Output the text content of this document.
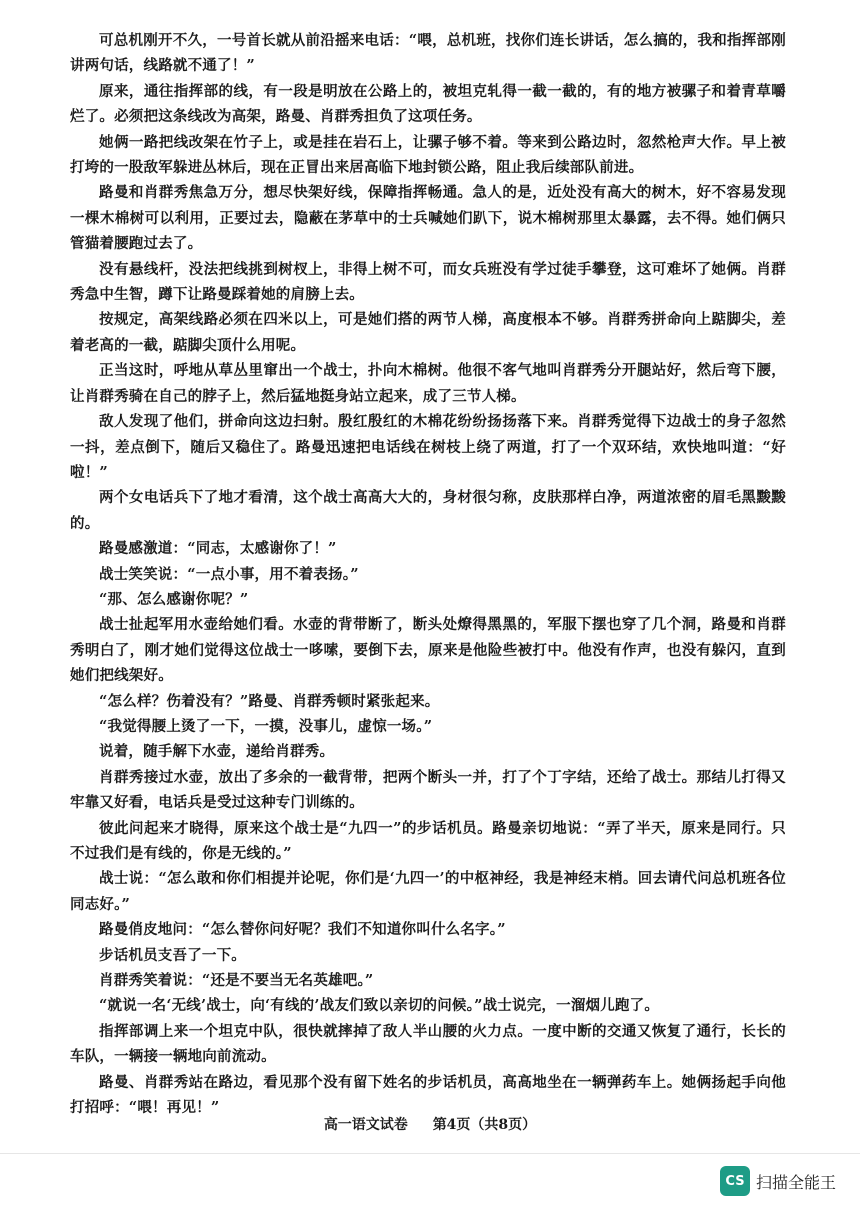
可总机刚开不久，一号首长就从前沿摇来电话：“喂，总机班，找你们连长讲话，怎么搞的，我和指挥部刚讲两句话，线路就不通了！”

原来，通往指挥部的线，有一段是明放在公路上的，被坦克轧得一截一截的，有的地方被骡子和着青草嚼烂了。必须把这条线改为高架，路曼、肖群秀担负了这项任务。

她俩一路把线改架在竹子上，或是挂在岩石上，让骡子够不着。等来到公路边时，忽然枪声大作。早上被打垮的一股敌军躲进丛林后，现在正冒出来居高临下地封锁公路，阻止我后续部队前进。

路曼和肖群秀焦急万分，想尽快架好线，保障指挥畅通。急人的是，近处没有高大的树木，好不容易发现一棵木棉树可以利用，正要过去，隐蔽在茅草中的士兵喊她们趴下，说木棉树那里太暴露，去不得。她们俩只管猫着腰跑过去了。

没有悬线杆，没法把线挑到树杈上，非得上树不可，而女兵班没有学过徒手攀登，这可难坏了她俩。肖群秀急中生智，蹲下让路曼踩着她的肩膀上去。

按规定，高架线路必须在四米以上，可是她们搭的两节人梯，高度根本不够。肖群秀拼命向上踮脚尖，差着老高的一截，踮脚尖顶什么用呢。

正当这时，呼地从草丛里窜出一个战士，扑向木棉树。他很不客气地叫肖群秀分开腿站好，然后弯下腰，让肖群秀骑在自己的脖子上，然后猛地挺身站立起来，成了三节人梯。

敌人发现了他们，拼命向这边扫射。殷红殷红的木棉花纷纷扬扬落下来。肖群秀觉得下边战士的身子忽然一抖，差点倒下，随后又稳住了。路曼迅速把电话线在树枝上绕了两道，打了一个双环结，欢快地叫道：“好啦！”

两个女电话兵下了地才看清，这个战士高高大大的，身材很匀称，皮肤那样白净，两道浓密的眉毛黑黢黢的。

路曼感激道：“同志，太感谢你了！”

战士笑笑说：“一点小事，用不着表扬。”

“那、怎么感谢你呢？”

战士扯起军用水壶给她们看。水壶的背带断了，断头处燎得黑黑的，军服下摆也穿了几个洞，路曼和肖群秀明白了，刚才她们觉得这位战士一哆嗦，要倒下去，原来是他险些被打中。他没有作声，也没有躲闪，直到她们把线架好。

“怎么样？伤着没有？”路曼、肖群秀顿时紧张起来。

“我觉得腰上烫了一下，一摸，没事儿，虚惊一场。”

说着，随手解下水壶，递给肖群秀。

肖群秀接过水壶，放出了多余的一截背带，把两个断头一并，打了个丁字结，还给了战士。那结儿打得又牢靠又好看，电话兵是受过这种专门训练的。

彼此问起来才晓得，原来这个战士是“九四一”的步话机员。路曼亲切地说：“弄了半天，原来是同行。只不过我们是有线的，你是无线的。”

战士说：“怎么敢和你们相提并论呢，你们是‘九四一’的中枢神经，我是神经末梢。回去请代问总机班各位同志好。”

路曼俏皮地问：“怎么替你问好呢？我们不知道你叫什么名字。”

步话机员支吾了一下。

肖群秀笑着说：“还是不要当无名英雄吧。”

“就说一名‘无线’战士，向‘有线的’战友们致以亲切的问候。”战士说完，一溜烟儿跑了。

指挥部调上来一个坦克中队，很快就摔掉了敌人半山腰的火力点。一度中断的交通又恢复了通行，长长的车队，一辆接一辆地向前流动。

路曼、肖群秀站在路边，看见那个没有留下姓名的步话机员，高高地坐在一辆弹药车上。她俩扬起手向他打招呼：“喂！再见！”

高一语文试卷 第4页（共8页）
CS 扫描全能王
